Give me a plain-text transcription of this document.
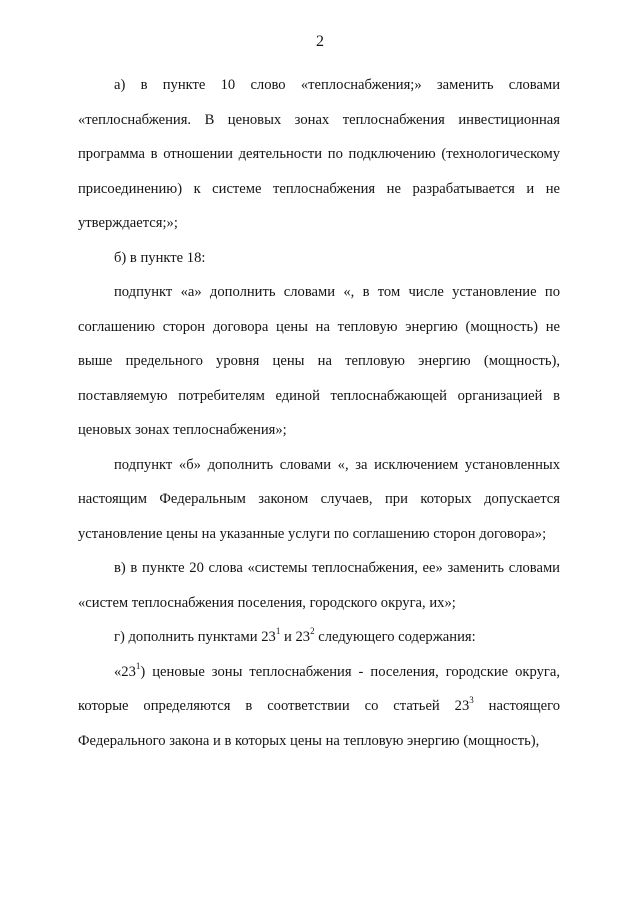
2

а) в пункте 10 слово «теплоснабжения;» заменить словами «теплоснабжения. В ценовых зонах теплоснабжения инвестиционная программа в отношении деятельности по подключению (технологическому присоединению) к системе теплоснабжения не разрабатывается и не утверждается;»;

б) в пункте 18:

подпункт «а» дополнить словами «, в том числе установление по соглашению сторон договора цены на тепловую энергию (мощность) не выше предельного уровня цены на тепловую энергию (мощность), поставляемую потребителям единой теплоснабжающей организацией в ценовых зонах теплоснабжения»;

подпункт «б» дополнить словами «, за исключением установленных настоящим Федеральным законом случаев, при которых допускается установление цены на указанные услуги по соглашению сторон договора»;

в) в пункте 20 слова «системы теплоснабжения, ее» заменить словами «систем теплоснабжения поселения, городского округа, их»;

г) дополнить пунктами $23^1$ и $23^2$ следующего содержания:

«$23^1$) ценовые зоны теплоснабжения - поселения, городские округа, которые определяются в соответствии со статьей $23^3$ настоящего Федерального закона и в которых цены на тепловую энергию (мощность),
